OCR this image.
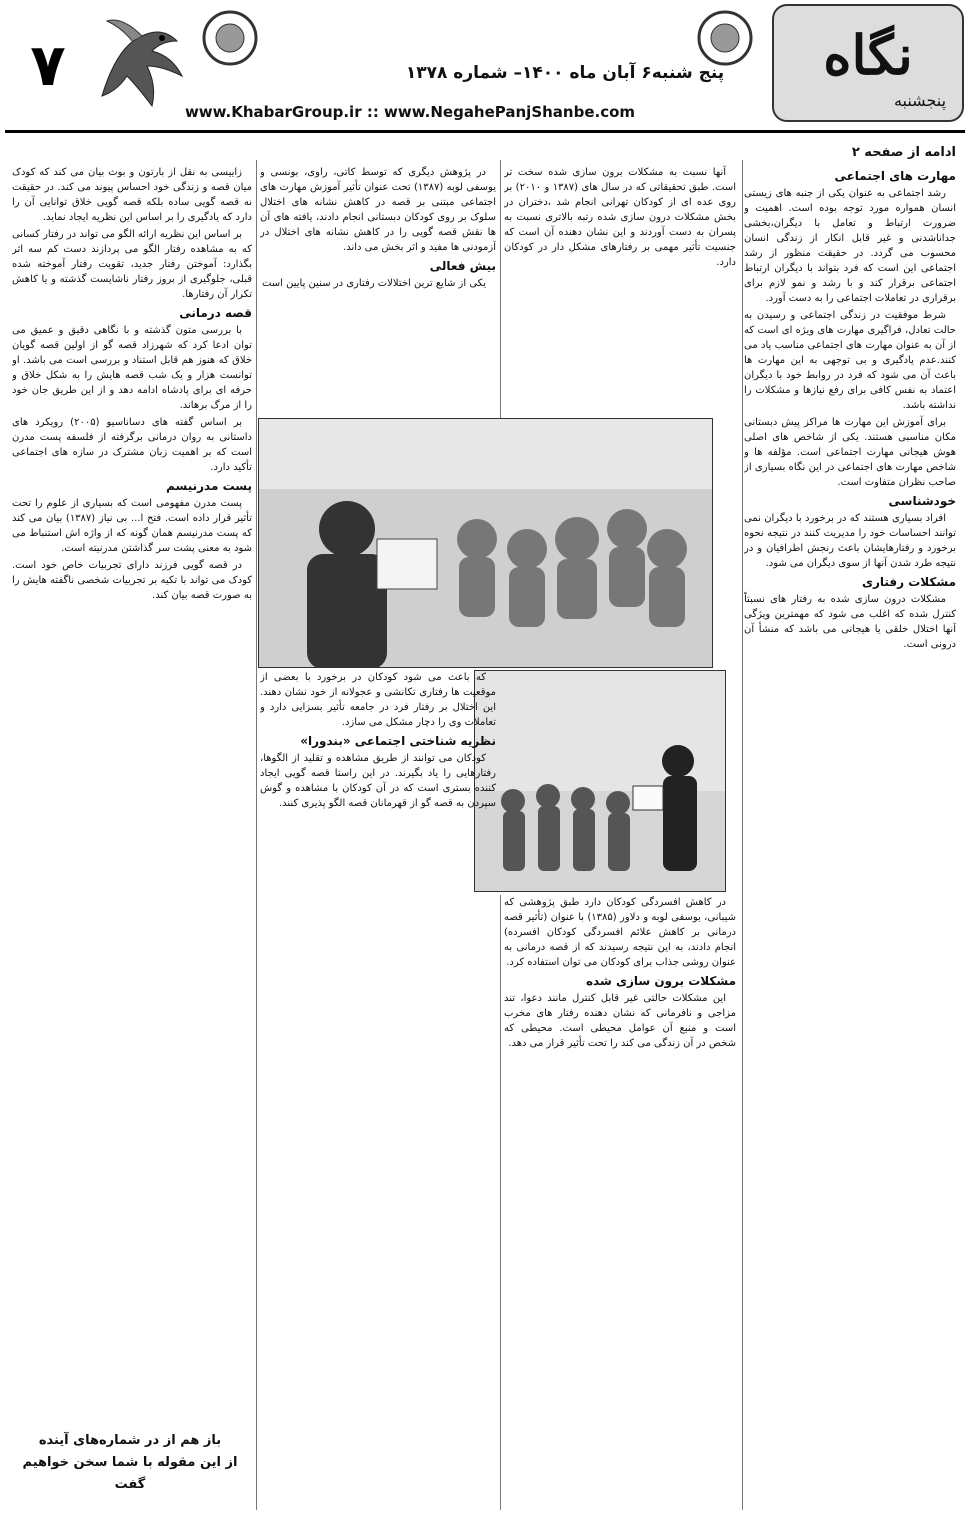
۷	پنج شنبه۶ آبان ماه ۱۴۰۰– شماره ۱۳۷۸
www.KhabarGroup.ir :: www.NegahePanjShanbe.com
نگاه
پنجشنبه
ادامه از صفحه ۲
مهارت های اجتماعی

رشد اجتماعی به عنوان یکی از جنبه های زیستی انسان همواره مورد توجه بوده است. اهمیت و ضرورت ارتباط و تعامل با دیگران،بخشی جداناشدنی و غیر قابل انکار از زندگی انسان محسوب می گردد. در حقیقت منظور از رشد اجتماعی این است که فرد بتواند با دیگران ارتباط اجتماعی برقرار کند و با رشد و نمو لازم برای برقراری در تعاملات اجتماعی را به دست آورد.

شرط موفقیت در زندگی اجتماعی و رسیدن به حالت تعادل، فراگیری مهارت های ویژه ای است که از آن به عنوان مهارت های اجتماعی مناسب یاد می کنند.عدم یادگیری و بی توجهی به این مهارت ها باعث آن می شود که فرد در روابط خود با دیگران اعتماد به نفس کافی برای رفع نیازها و مشکلات را نداشته باشد.

برای آموزش این مهارت ها مراکز پیش دبستانی مکان مناسبی هستند. یکی از شاخص های اصلی هوش هیجانی مهارت اجتماعی است. مؤلفه ها و شاخص مهارت های اجتماعی در این نگاه بسیاری از صاحب نظران متفاوت است.

خودشناسی

افراد بسیاری هستند که در برخورد با دیگران نمی توانند احساسات خود را مدیریت کنند در نتیجه نحوه برخورد و رفتارهایشان باعث رنجش اطرافیان و در نتیجه طرد شدن آنها از سوی دیگران می شود.

مشکلات رفتاری

مشکلات درون سازی شده به رفتار های نسبتاً کنترل شده که اغلب می شود که مهمترین ویژگی آنها اختلال خلقی یا هیجانی می باشد که منشأ آن درونی است.

آنها نسبت به مشکلات برون سازی شده سخت تر است. طبق تحقیقاتی که در سال های (۱۳۸۷ و ۲۰۱۰) بر روی عده ای از کودکان تهرانی انجام شد ،دختران در بخش مشکلات درون سازی شده رتبه بالاتری نسبت به پسران به دست آوردند و این نشان دهنده آن است که جنسیت تأثیر مهمی بر رفتارهای مشکل دار در کودکان دارد.

در پژوهش دیگری که توسط کاتی، راوی، بونسی و یوسفی لوبه (۱۳۸۷) تحت عنوان تأثیر آموزش مهارت های اجتماعی مبتنی بر قصه در کاهش نشانه های اختلال سلوک بر روی کودکان دبستانی انجام دادند، یافته های آن ها نقش قصه گویی را در کاهش نشانه های اختلال در آزمودنی ها مفید و اثر بخش می داند.

بیش فعالی

یکی از شایع ترین اختلالات رفتاری در سنین پایین است

در کاهش افسردگی کودکان دارد طبق پژوهشی که شیبانی، یوسفی لوبه و دلاور (۱۳۸۵) با عنوان (تأثیر قصه درمانی بر کاهش علائم افسردگی کودکان افسرده) انجام دادند، به این نتیجه رسیدند که از قصه درمانی به عنوان روشی جذاب برای کودکان می توان استفاده کرد.

مشکلات برون سازی شده

این مشکلات حالتی غیر قابل کنترل مانند دعوا، تند مزاجی و نافرمانی که نشان دهنده رفتار های مخرب است و منبع آن عوامل محیطی است. محیطی که شخص در آن زندگی می کند را تحت تأثیر قرار می دهد.

که باعث می شود کودکان در برخورد با بعضی از موقعیت ها رفتاری تکانشی و عجولانه از خود نشان دهند. این اختلال بر رفتار فرد در جامعه تأثیر بسزایی دارد و تعاملات وی را دچار مشکل می سازد.

نظریه شناختی اجتماعی «بندورا»

کودکان می توانند از طریق مشاهده و تقلید از الگوها، رفتارهایی را یاد بگیرند. در این راستا قصه گویی ایجاد کننده بستری است که در آن کودکان با مشاهده و گوش سپردن به قصه گو از قهرمانان قصه الگو پذیری کنند.

زاییسی به نقل از بارتون و بوث بیان می کند که کودک میان قصه و زندگی خود احساس پیوند می کند. در حقیقت نه قصه گویی ساده بلکه قصه گویی خلاق توانایی آن را دارد که یادگیری را بر اساس این نظریه ایجاد نماید.

بر اساس این نظریه ارائه الگو می تواند در رفتار کسانی که به مشاهده رفتار الگو می پردازند دست کم سه اثر بگذارد: آموختن رفتار جدید، تقویت رفتار آموخته شده قبلی، جلوگیری از بروز رفتار ناشایست گذشته و یا کاهش تکرار آن رفتارها.

قصه درمانی

با بررسی متون گذشته و با نگاهی دقیق و عمیق می توان ادعا کرد که شهرزاد قصه گو از اولین قصه گویان خلاق که هنوز هم قابل استناد و بررسی است می باشد. او توانست هزار و یک شب قصه هایش را به شکل خلاق و حرفه ای برای پادشاه ادامه دهد و از این طریق جان خود را از مرگ برهاند.

بر اساس گفته های دساناسیو (۲۰۰۵) رویکرد های داستانی به روان درمانی برگرفته از فلسفه پست مدرن است که بر اهمیت زبان مشترک در سازه های اجتماعی تأکید دارد.

پست مدرنیسم

پست مدرن مفهومی است که بسیاری از علوم را تحت تأثیر قرار داده است. فتح ا... بی نیاز (۱۳۸۷) بیان می کند که پست مدرنیسم همان گونه که از واژه اش استنباط می شود به معنی پشت سر گذاشتن مدرنیته است.

در قصه گویی فرزند دارای تجربیات خاص خود است. کودک می تواند با تکیه بر تجربیات شخصی ناگفته هایش را به صورت قصه بیان کند.

باز هم از در شماره‌های آینده
از این مقوله با شما سخن خواهیم گفت
